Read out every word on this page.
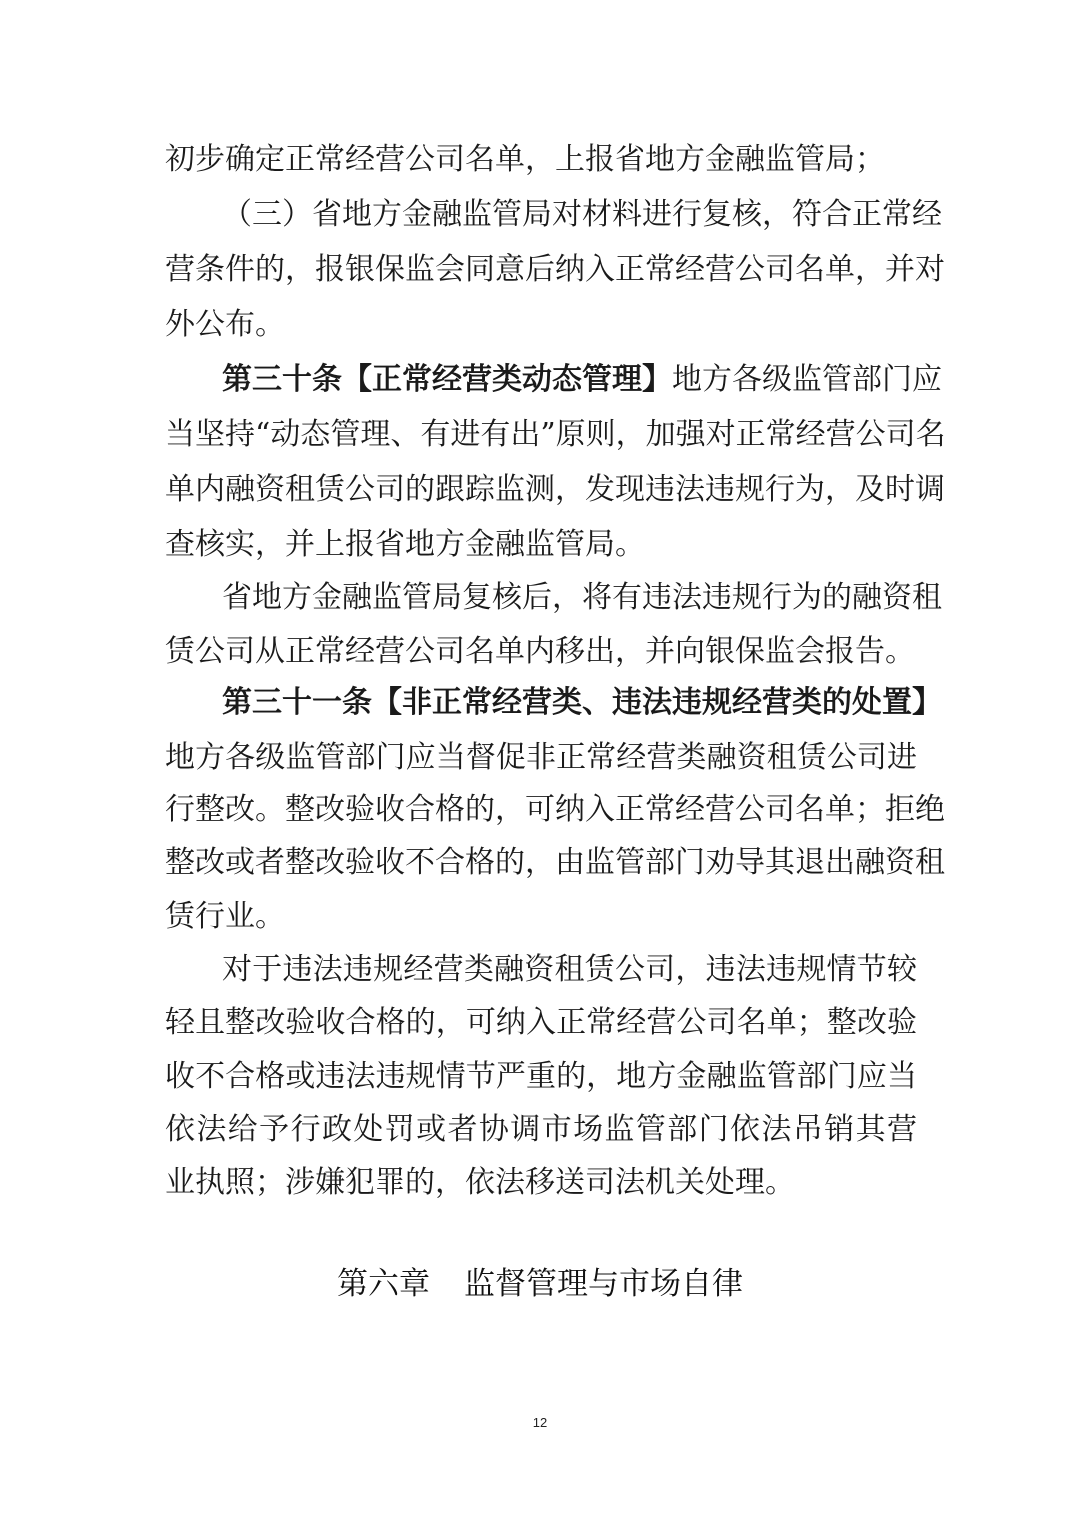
初步确定正常经营公司名单，上报省地方金融监管局；
（三）省地方金融监管局对材料进行复核，符合正常经
营条件的，报银保监会同意后纳入正常经营公司名单，并对
外公布。
第三十条【正常经营类动态管理】地方各级监管部门应
当坚持“动态管理、有进有出”原则，加强对正常经营公司名
单内融资租赁公司的跟踪监测，发现违法违规行为，及时调
查核实，并上报省地方金融监管局。
省地方金融监管局复核后，将有违法违规行为的融资租
赁公司从正常经营公司名单内移出，并向银保监会报告。
第三十一条【非正常经营类、违法违规经营类的处置】
地方各级监管部门应当督促非正常经营类融资租赁公司进
行整改。整改验收合格的，可纳入正常经营公司名单；拒绝
整改或者整改验收不合格的，由监管部门劝导其退出融资租
赁行业。
对于违法违规经营类融资租赁公司，违法违规情节较
轻且整改验收合格的，可纳入正常经营公司名单；整改验
收不合格或违法违规情节严重的，地方金融监管部门应当
依法给予行政处罚或者协调市场监管部门依法吊销其营
业执照；涉嫌犯罪的，依法移送司法机关处理。
第六章 监督管理与市场自律
12
